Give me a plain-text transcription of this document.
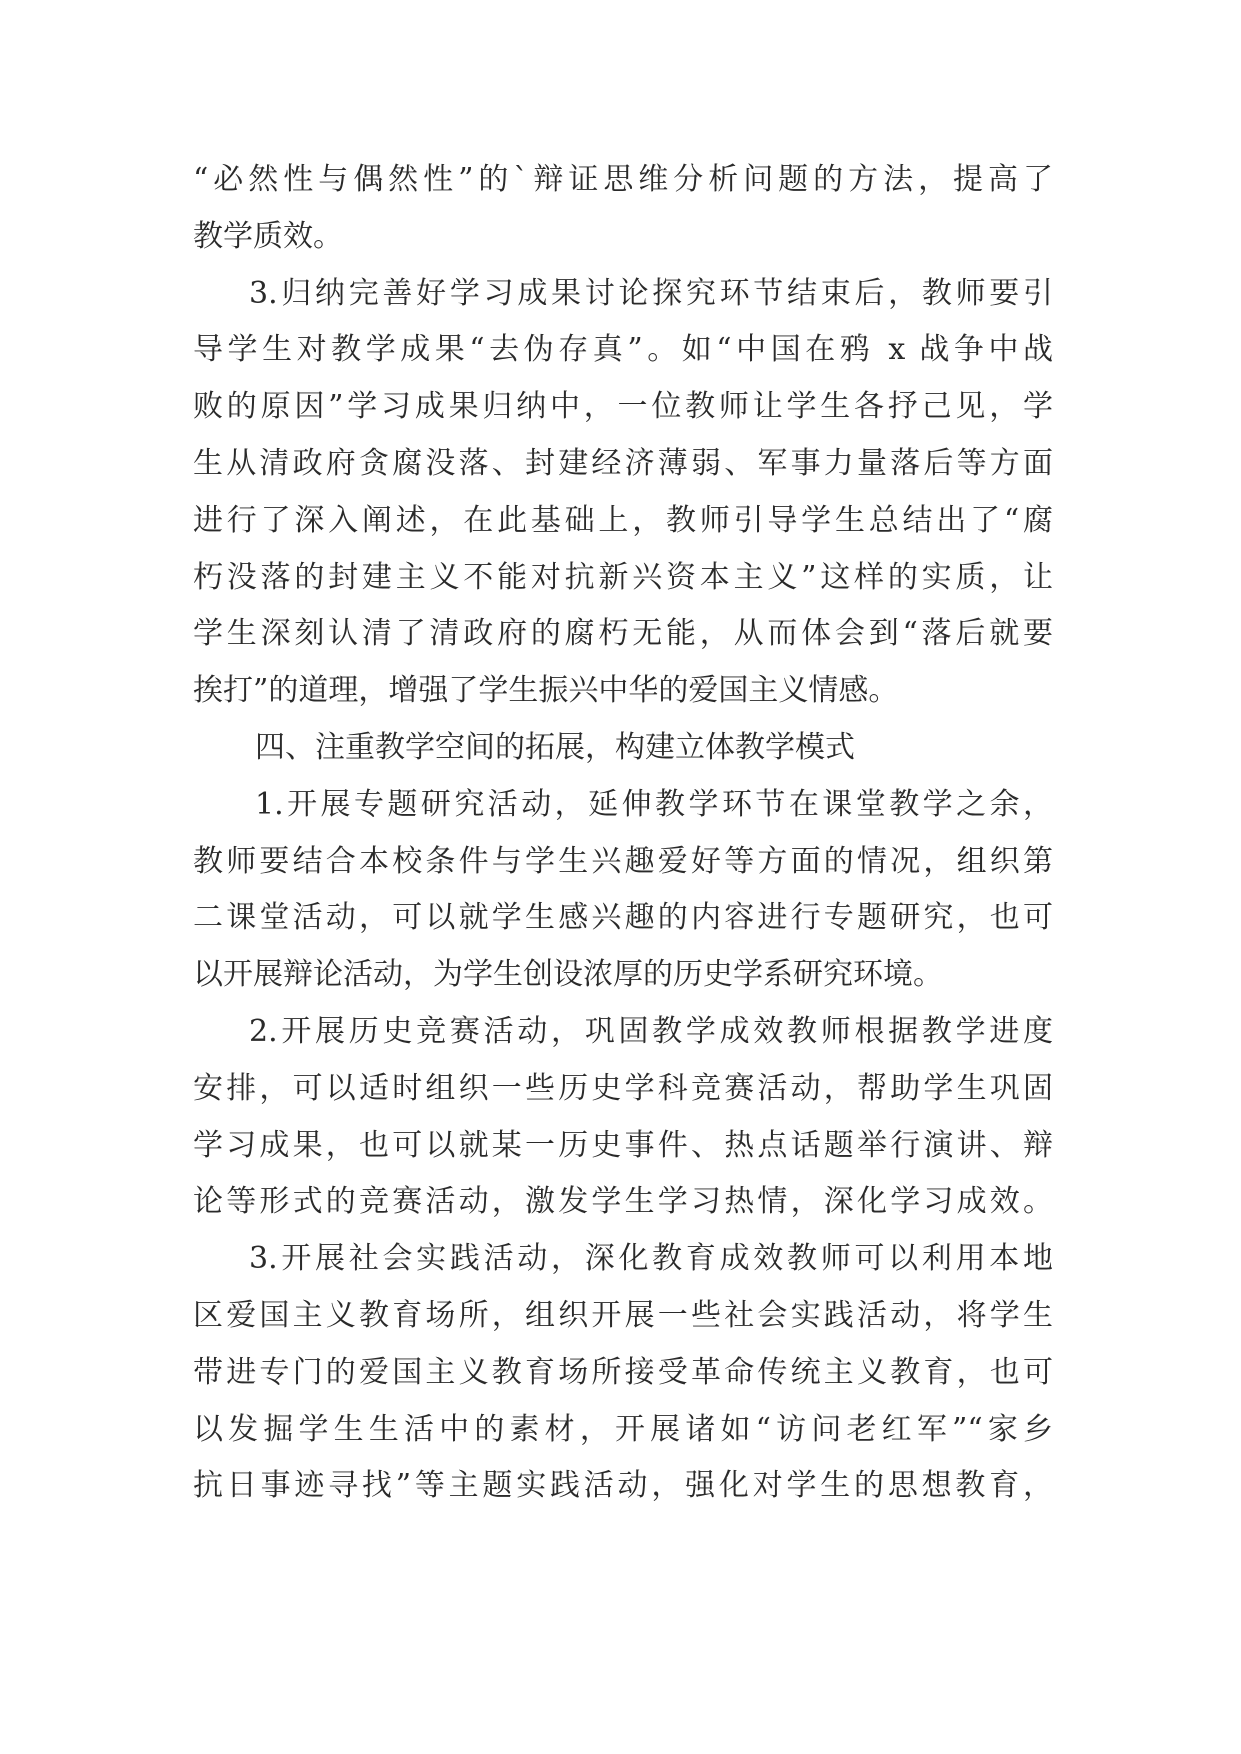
“必然性与偶然性”的`辩证思维分析问题的方法，提高了
教学质效。
3.归纳完善好学习成果讨论探究环节结束后，教师要引
导学生对教学成果“去伪存真”。如“中国在鸦 x 战争中战
败的原因”学习成果归纳中，一位教师让学生各抒己见，学
生从清政府贪腐没落、封建经济薄弱、军事力量落后等方面
进行了深入阐述，在此基础上，教师引导学生总结出了“腐
朽没落的封建主义不能对抗新兴资本主义”这样的实质，让
学生深刻认清了清政府的腐朽无能，从而体会到“落后就要
挨打”的道理，增强了学生振兴中华的爱国主义情感。
四、注重教学空间的拓展，构建立体教学模式
1.开展专题研究活动，延伸教学环节在课堂教学之余，
教师要结合本校条件与学生兴趣爱好等方面的情况，组织第
二课堂活动，可以就学生感兴趣的内容进行专题研究，也可
以开展辩论活动，为学生创设浓厚的历史学系研究环境。
2.开展历史竞赛活动，巩固教学成效教师根据教学进度
安排，可以适时组织一些历史学科竞赛活动，帮助学生巩固
学习成果，也可以就某一历史事件、热点话题举行演讲、辩
论等形式的竞赛活动，激发学生学习热情，深化学习成效。
3.开展社会实践活动，深化教育成效教师可以利用本地
区爱国主义教育场所，组织开展一些社会实践活动，将学生
带进专门的爱国主义教育场所接受革命传统主义教育，也可
以发掘学生生活中的素材，开展诸如“访问老红军”“家乡
抗日事迹寻找”等主题实践活动，强化对学生的思想教育，
